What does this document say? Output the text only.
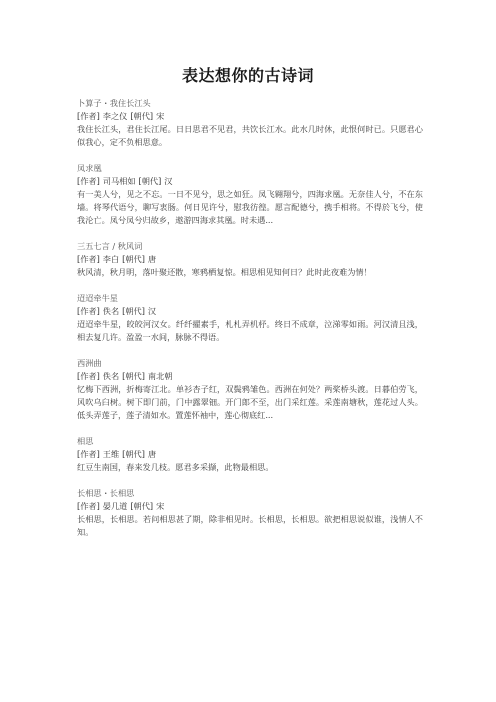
表达想你的古诗词

卜算子・我住长江头

[作者] 李之仪 [朝代] 宋

我住长江头，君住长江尾。日日思君不见君，共饮长江水。此水几时休，此恨何时已。只愿君心似我心，定不负相思意。

凤求凰

[作者] 司马相如 [朝代] 汉

有一美人兮，见之不忘。一日不见兮，思之如狂。凤飞翱翔兮，四海求凰。无奈佳人兮，不在东墙。将琴代语兮，聊写衷肠。何日见许兮，慰我彷徨。愿言配德兮，携手相将。不得於飞兮，使我沦亡。凤兮凤兮归故乡，遨游四海求其凰。时未遇...

三五七言 / 秋风词

[作者] 李白 [朝代] 唐

秋风清，秋月明，落叶聚还散，寒鸦栖复惊。相思相见知何日？此时此夜难为情！

迢迢牵牛星

[作者] 佚名 [朝代] 汉

迢迢牵牛星，皎皎河汉女。纤纤擢素手，札札弄机杼。终日不成章，泣涕零如雨。河汉清且浅，相去复几许。盈盈一水间，脉脉不得语。

西洲曲

[作者] 佚名 [朝代] 南北朝

忆梅下西洲，折梅寄江北。单衫杏子红，双鬓鸦雏色。西洲在何处？两桨桥头渡。日暮伯劳飞，风吹乌臼树。树下即门前，门中露翠钿。开门郎不至，出门采红莲。采莲南塘秋，莲花过人头。低头弄莲子，莲子清如水。置莲怀袖中，莲心彻底红...

相思

[作者] 王维 [朝代] 唐

红豆生南国，春来发几枝。愿君多采撷，此物最相思。

长相思・长相思

[作者] 晏几道 [朝代] 宋

长相思，长相思。若问相思甚了期，除非相见时。长相思，长相思。欲把相思说似谁，浅情人不知。
